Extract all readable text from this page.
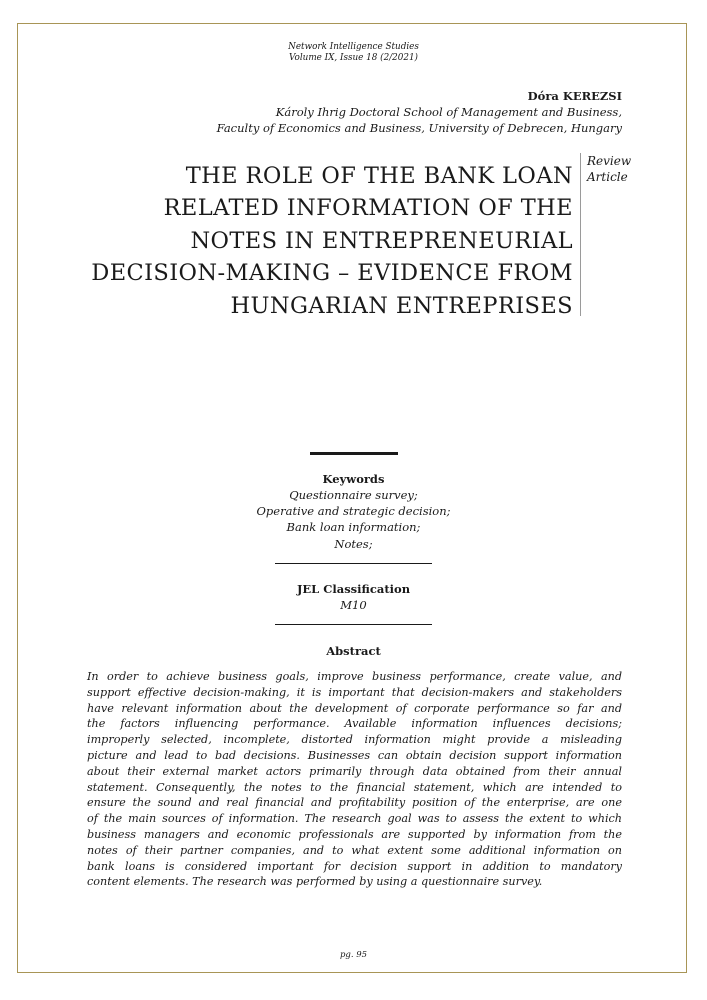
Network Intelligence Studies
Volume IX, Issue 18 (2/2021)
Dóra KEREZSI
Károly Ihrig Doctoral School of Management and Business,
Faculty of Economics and Business, University of Debrecen, Hungary
THE ROLE OF THE BANK LOAN
RELATED INFORMATION OF THE
NOTES IN ENTREPRENEURIAL
DECISION-MAKING – EVIDENCE FROM
HUNGARIAN ENTREPRISES
Review
Article
Keywords
Questionnaire survey;
Operative and strategic decision;
Bank loan information;
Notes;
JEL Classification
M10
Abstract
In order to achieve business goals, improve business performance, create value, and
support effective decision-making, it is important that decision-makers and stakeholders
have relevant information about the development of corporate performance so far and
the factors influencing performance. Available information influences decisions;
improperly selected, incomplete, distorted information might provide a misleading
picture and lead to bad decisions. Businesses can obtain decision support information
about their external market actors primarily through data obtained from their annual
statement. Consequently, the notes to the financial statement, which are intended to
ensure the sound and real financial and profitability position of the enterprise, are one
of the main sources of information. The research goal was to assess the extent to which
business managers and economic professionals are supported by information from the
notes of their partner companies, and to what extent some additional information on
bank loans is considered important for decision support in addition to mandatory
content elements. The research was performed by using a questionnaire survey.
pg. 95
